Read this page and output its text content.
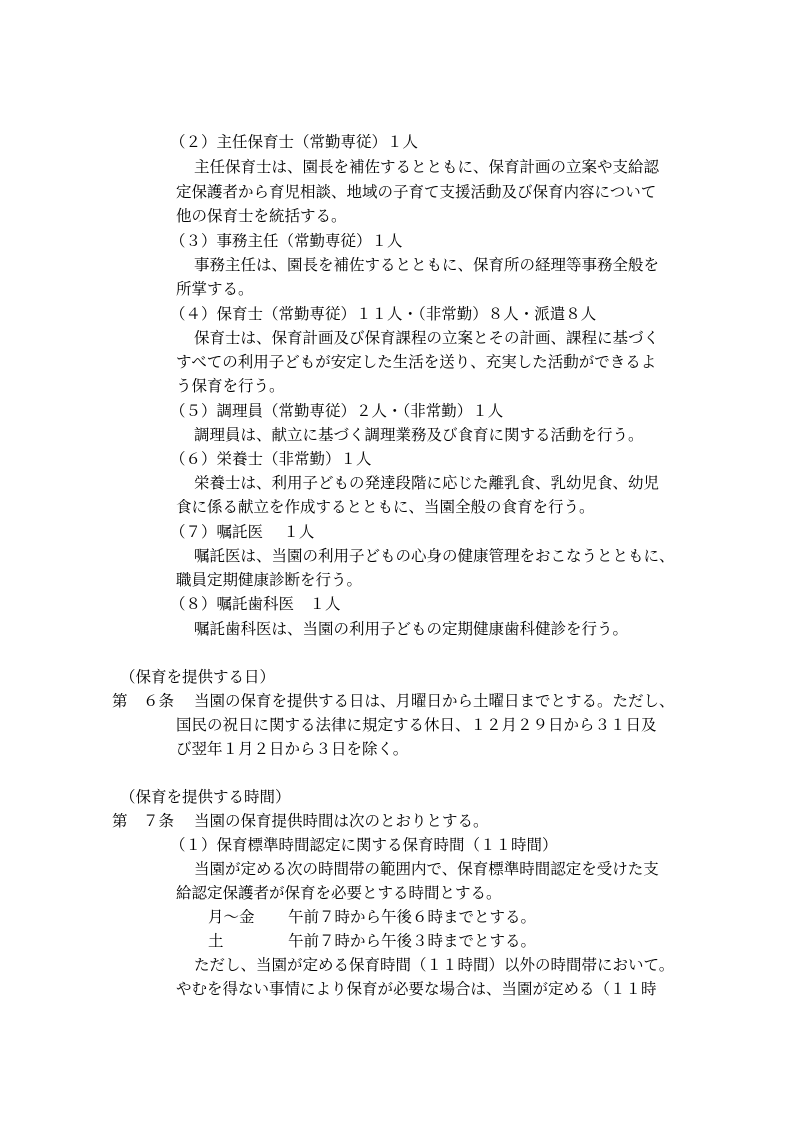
（２）主任保育士（常勤専従）１人
主任保育士は、園長を補佐するとともに、保育計画の立案や支給認
定保護者から育児相談、地域の子育て支援活動及び保育内容について
他の保育士を統括する。
（３）事務主任（常勤専従）１人
事務主任は、園長を補佐するとともに、保育所の経理等事務全般を
所掌する。
（４）保育士（常勤専従）１１人・（非常勤）８人・派遣８人
保育士は、保育計画及び保育課程の立案とその計画、課程に基づく
すべての利用子どもが安定した生活を送り、充実した活動ができるよ
う保育を行う。
（５）調理員（常勤専従）２人・（非常勤）１人
調理員は、献立に基づく調理業務及び食育に関する活動を行う。
（６）栄養士（非常勤）１人
栄養士は、利用子どもの発達段階に応じた離乳食、乳幼児食、幼児
食に係る献立を作成するとともに、当園全般の食育を行う。
（７）嘱託医　 １人
嘱託医は、当園の利用子どもの心身の健康管理をおこなうとともに、
職員定期健康診断を行う。
（８）嘱託歯科医　１人
嘱託歯科医は、当園の利用子どもの定期健康歯科健診を行う。
（保育を提供する日）
第　６条 当園の保育を提供する日は、月曜日から土曜日までとする。ただし、
国民の祝日に関する法律に規定する休日、１２月２９日から３１日及
び翌年１月２日から３日を除く。
（保育を提供する時間）
第　７条 当園の保育提供時間は次のとおりとする。
（１）保育標準時間認定に関する保育時間（１１時間）
当園が定める次の時間帯の範囲内で、保育標準時間認定を受けた支
給認定保護者が保育を必要とする時間とする。
月～金 午前７時から午後６時までとする。
土	午前７時から午後３時までとする。
ただし、当園が定める保育時間（１１時間）以外の時間帯において。
やむを得ない事情により保育が必要な場合は、当園が定める（１１時
